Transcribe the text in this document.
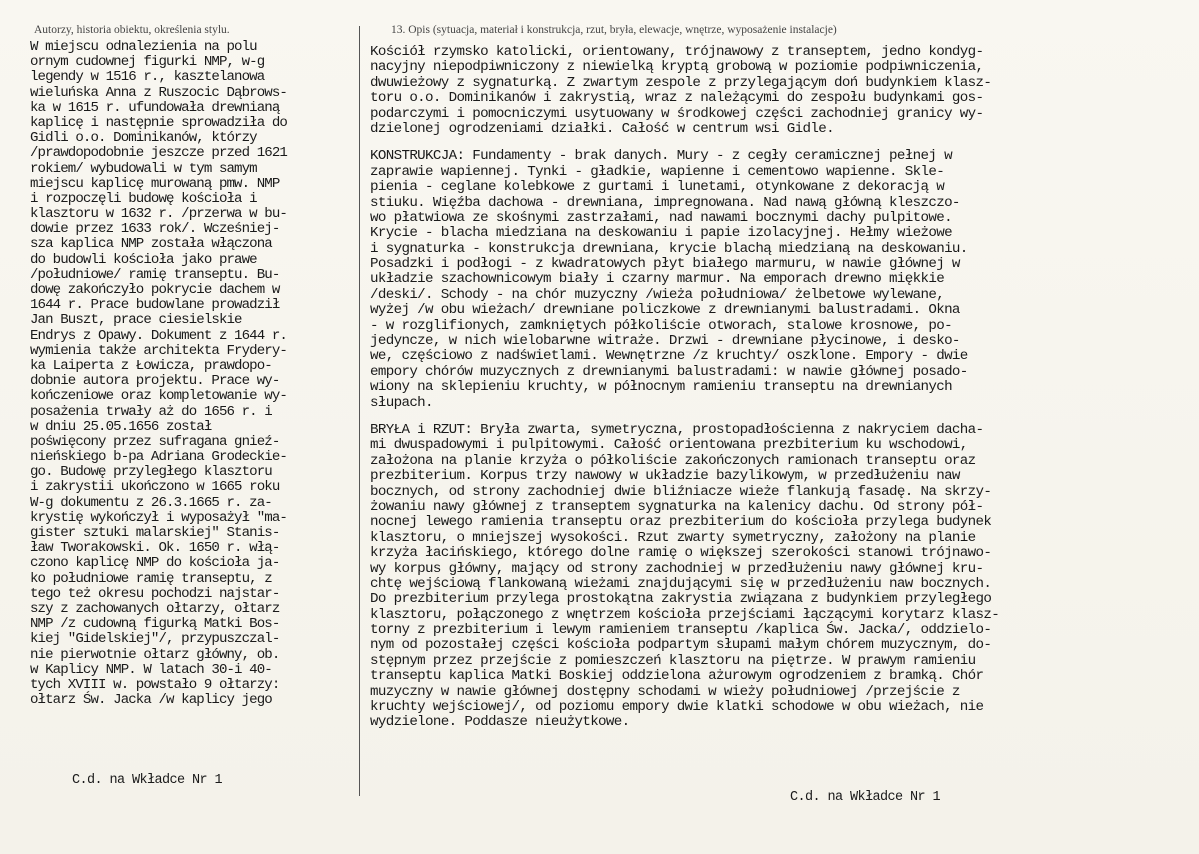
Autorzy, historia obiektu, określenia stylu.	13. Opis (sytuacja, materiał i konstrukcja, rzut, bryła, elewacje, wnętrze, wyposażenie instalacje)
W miejscu odnalezienia na polu
ornym cudownej figurki NMP, w-g
legendy w 1516 r., kasztelanowa
wieluńska Anna z Ruszocic Dąbrows-
ka w 1615 r. ufundowała drewnianą
kaplicę i następnie sprowadziła do
Gidli o.o. Dominikanów, którzy
/prawdopodobnie jeszcze przed 1621
rokiem/ wybudowali w tym samym
miejscu kaplicę murowaną pmw. NMP
i rozpoczęli budowę kościoła i
klasztoru w 1632 r. /przerwa w bu-
dowie przez 1633 rok/. Wcześniej-
sza kaplica NMP została włączona
do budowli kościoła jako prawe
/południowe/ ramię transeptu. Bu-
dowę zakończyło pokrycie dachem w
1644 r. Prace budowlane prowadził
Jan Buszt, prace ciesielskie
Endrys z Opawy. Dokument z 1644 r.
wymienia także architekta Frydery-
ka Laiperta z Łowicza, prawdopo-
dobnie autora projektu. Prace wy-
kończeniowe oraz kompletowanie wy-
posażenia trwały aż do 1656 r. i
w dniu 25.05.1656 został
poświęcony przez sufragana gnieź-
nieńskiego b-pa Adriana Grodeckie-
go. Budowę przyległego klasztoru
i zakrystii ukończono w 1665 roku
W-g dokumentu z 26.3.1665 r. za-
krystię wykończył i wyposażył "ma-
gister sztuki malarskiej" Stanis-
ław Tworakowski. Ok. 1650 r. włą-
czono kaplicę NMP do kościoła ja-
ko południowe ramię transeptu, z
tego też okresu pochodzi najstar-
szy z zachowanych ołtarzy, ołtarz
NMP /z cudowną figurką Matki Bos-
kiej "Gidelskiej"/, przypuszczal-
nie pierwotnie ołtarz główny, ob.
w Kaplicy NMP. W latach 30-i 40-
tych XVIII w. powstało 9 ołtarzy:
ołtarz Św. Jacka /w kaplicy jego
C.d. na Wkładce Nr 1
Kościół rzymsko katolicki, orientowany, trójnawowy z transeptem, jedno kondyg-
nacyjny niepodpiwniczony z niewielką kryptą grobową w poziomie podpiwniczenia,
dwuwieżowy z sygnaturką. Z zwartym zespole z przylegającym doń budynkiem klasz-
toru o.o. Dominikanów i zakrystią, wraz z należącymi do zespołu budynkami gos-
podarczymi i pomocniczymi usytuowany w środkowej części zachodniej granicy wy-
dzielonej ogrodzeniami działki. Całość w centrum wsi Gidle.
KONSTRUKCJA: Fundamenty - brak danych. Mury - z cegły ceramicznej pełnej w
zaprawie wapiennej. Tynki - gładkie, wapienne i cementowo wapienne. Skle-
pienia - ceglane kolebkowe z gurtami i lunetami, otynkowane z dekoracją w
stiuku. Więźba dachowa - drewniana, impregnowana. Nad nawą główną kleszczo-
wo płatwiowa ze skośnymi zastrzałami, nad nawami bocznymi dachy pulpitowe.
Krycie - blacha miedziana na deskowaniu i papie izolacyjnej. Hełmy wieżowe
i sygnaturka - konstrukcja drewniana, krycie blachą miedzianą na deskowaniu.
Posadzki i podłogi - z kwadratowych płyt białego marmuru, w nawie głównej w
układzie szachownicowym biały i czarny marmur. Na emporach drewno miękkie
/deski/. Schody - na chór muzyczny /wieża południowa/ żelbetowe wylewane,
wyżej /w obu wieżach/ drewniane policzkowe z drewnianymi balustradami. Okna
- w rozglifionych, zamkniętych półkoliście otworach, stalowe krosnowe, po-
jedyncze, w nich wielobarwne witraże. Drzwi - drewniane płycinowe, i desko-
we, częściowo z nadświetlami. Wewnętrzne /z kruchty/ oszklone. Empory - dwie
empory chórów muzycznych z drewnianymi balustradami: w nawie głównej posado-
wiony na sklepieniu kruchty, w północnym ramieniu transeptu na drewnianych
słupach.
BRYŁA i RZUT: Bryła zwarta, symetryczna, prostopadłościenna z nakryciem dacha-
mi dwuspadowymi i pulpitowymi. Całość orientowana prezbiterium ku wschodowi,
założona na planie krzyża o półkoliście zakończonych ramionach transeptu oraz
prezbiterium. Korpus trzy nawowy w układzie bazylikowym, w przedłużeniu naw
bocznych, od strony zachodniej dwie bliźniacze wieże flankują fasadę. Na skrzy-
żowaniu nawy głównej z transeptem sygnaturka na kalenicy dachu. Od strony pół-
nocnej lewego ramienia transeptu oraz prezbiterium do kościoła przylega budynek
klasztoru, o mniejszej wysokości. Rzut zwarty symetryczny, założony na planie
krzyża łacińskiego, którego dolne ramię o większej szerokości stanowi trójnawo-
wy korpus główny, mający od strony zachodniej w przedłużeniu nawy głównej kru-
chtę wejściową flankowaną wieżami znajdującymi się w przedłużeniu naw bocznych.
Do prezbiterium przylega prostokątna zakrystia związana z budynkiem przyległego
klasztoru, połączonego z wnętrzem kościoła przejściami łączącymi korytarz klasz-
torny z prezbiterium i lewym ramieniem transeptu /kaplica Św. Jacka/, oddzielo-
nym od pozostałej części kościoła podpartym słupami małym chórem muzycznym, do-
stępnym przez przejście z pomieszczeń klasztoru na piętrze. W prawym ramieniu
transeptu kaplica Matki Boskiej oddzielona ażurowym ogrodzeniem z bramką. Chór
muzyczny w nawie głównej dostępny schodami w wieży południowej /przejście z
kruchty wejściowej/, od poziomu empory dwie klatki schodowe w obu wieżach, nie
wydzielone. Poddasze nieużytkowe.
C.d. na Wkładce Nr 1
